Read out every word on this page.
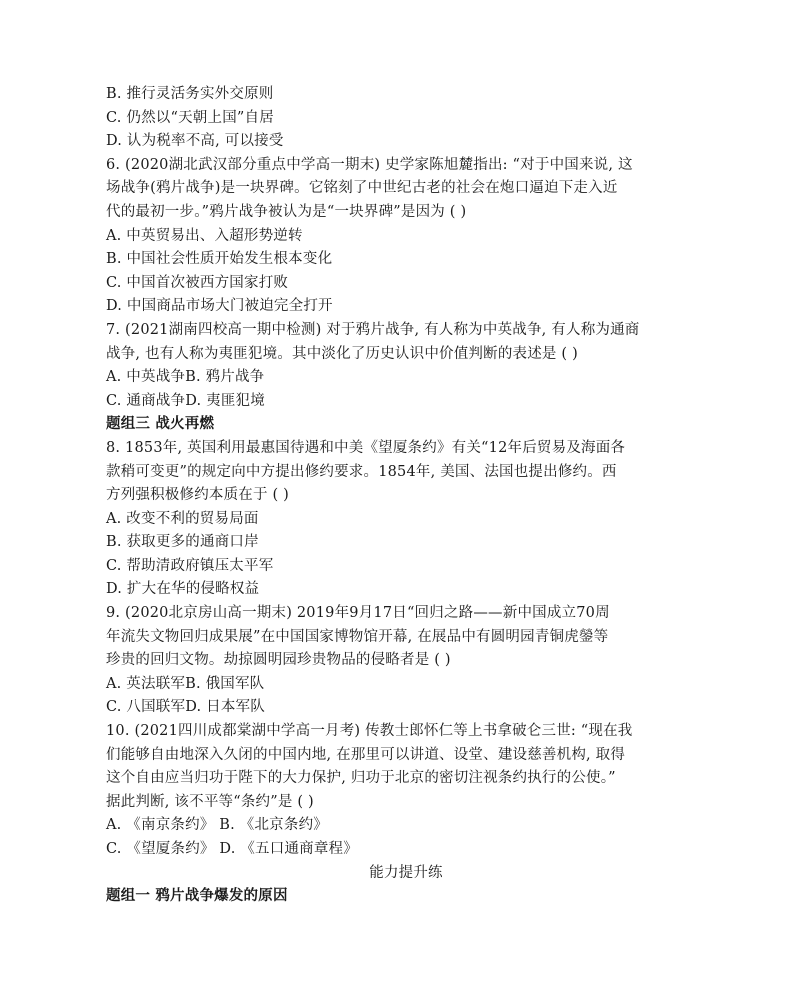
B. 推行灵活务实外交原则
C. 仍然以“天朝上国”自居
D. 认为税率不高, 可以接受
6. (2020湖北武汉部分重点中学高一期末) 史学家陈旭麓指出: “对于中国来说, 这
场战争(鸦片战争)是一块界碑。它铭刻了中世纪古老的社会在炮口逼迫下走入近
代的最初一步。”鸦片战争被认为是“一块界碑”是因为 ( )
A. 中英贸易出、入超形势逆转
B. 中国社会性质开始发生根本变化
C. 中国首次被西方国家打败
D. 中国商品市场大门被迫完全打开
7. (2021湖南四校高一期中检测) 对于鸦片战争, 有人称为中英战争, 有人称为通商
战争, 也有人称为夷匪犯境。其中淡化了历史认识中价值判断的表述是 ( )
A. 中英战争B. 鸦片战争
C. 通商战争D. 夷匪犯境
题组三 战火再燃
8. 1853年, 英国利用最惠国待遇和中美《望厦条约》有关“12年后贸易及海面各
款稍可变更”的规定向中方提出修约要求。1854年, 美国、法国也提出修约。西
方列强积极修约本质在于 ( )
A. 改变不利的贸易局面
B. 获取更多的通商口岸
C. 帮助清政府镇压太平军
D. 扩大在华的侵略权益
9. (2020北京房山高一期末) 2019年9月17日“回归之路——新中国成立70周
年流失文物回归成果展”在中国国家博物馆开幕, 在展品中有圆明园青铜虎鎣等
珍贵的回归文物。劫掠圆明园珍贵物品的侵略者是 ( )
A. 英法联军B. 俄国军队
C. 八国联军D. 日本军队
10. (2021四川成都棠湖中学高一月考) 传教士郎怀仁等上书拿破仑三世: “现在我
们能够自由地深入久闭的中国内地, 在那里可以讲道、设堂、建设慈善机构, 取得
这个自由应当归功于陛下的大力保护, 归功于北京的密切注视条约执行的公使。”
据此判断, 该不平等“条约”是 ( )
A. 《南京条约》 B. 《北京条约》
C. 《望厦条约》 D. 《五口通商章程》
能力提升练
题组一 鸦片战争爆发的原因
